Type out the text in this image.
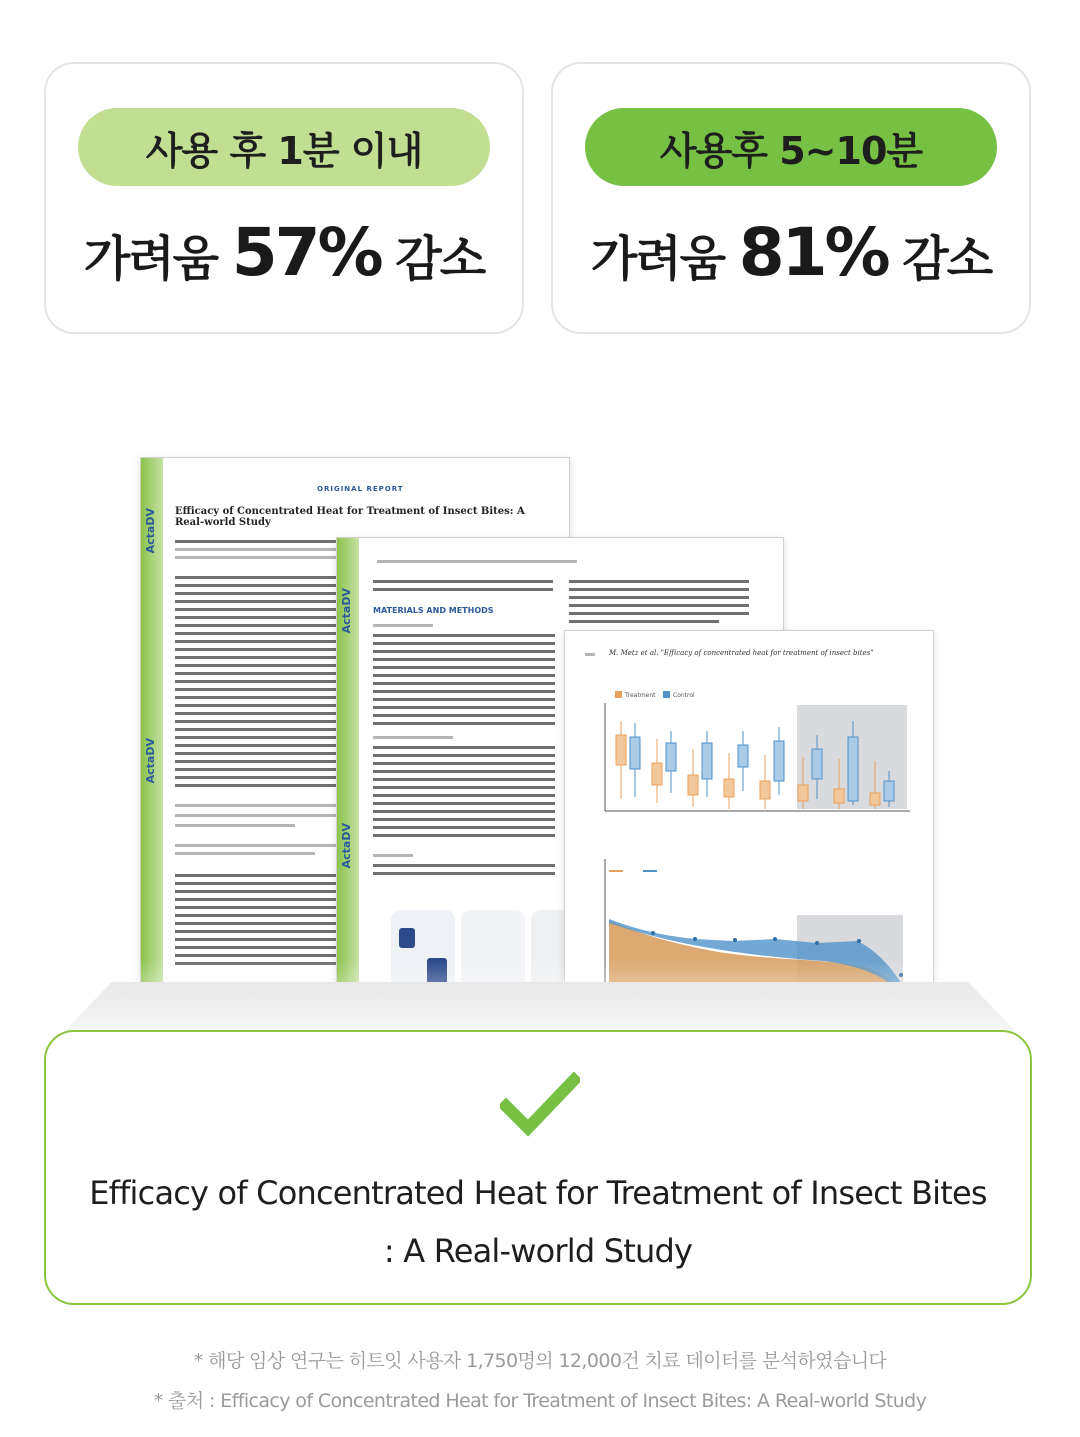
사용 후 1분 이내
가려움 57% 감소
사용후 5~10분
가려움 81% 감소
ActaDV
ActaDV
ORIGINAL REPORT
Efficacy of Concentrated Heat for Treatment of Insect Bites: A Real-world Study
ActaDV
ActaDV
MATERIALS AND METHODS
M. Metz et al. "Efficacy of concentrated heat for treatment of insect bites"
Treatment	Control
Efficacy of Concentrated Heat for Treatment of Insect Bites
: A Real-world Study
* 해당 임상 연구는 히트잇 사용자 1,750명의 12,000건 치료 데이터를 분석하였습니다
* 출처 : Efficacy of Concentrated Heat for Treatment of Insect Bites: A Real-world Study
